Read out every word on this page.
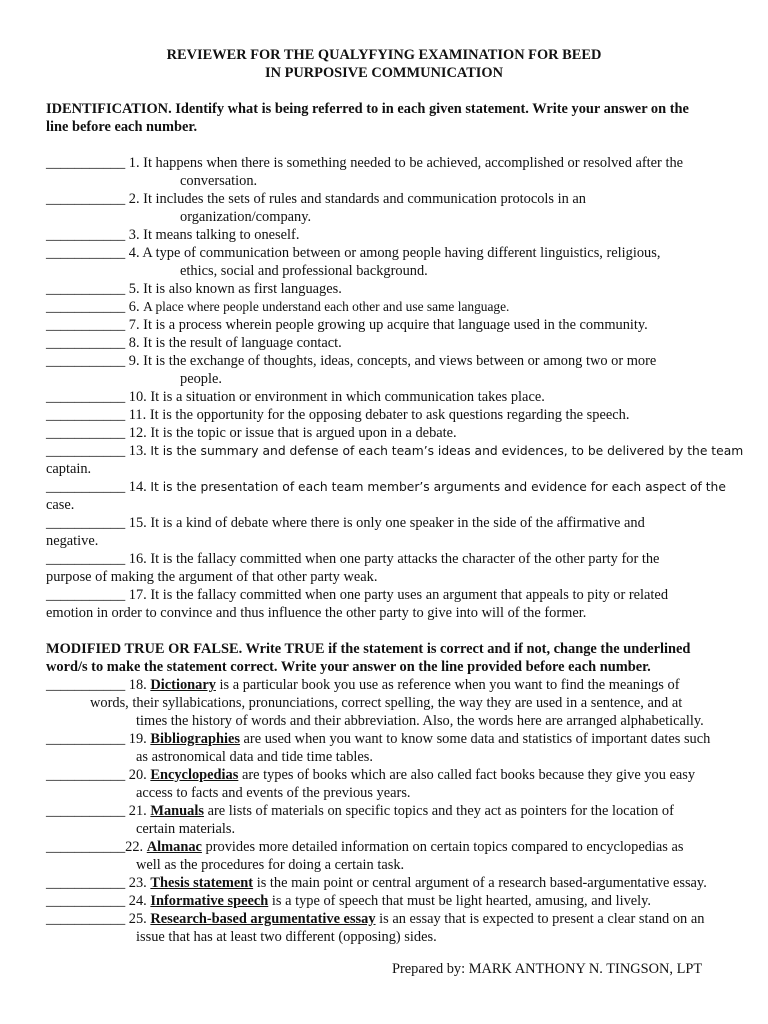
REVIEWER FOR THE QUALYFYING EXAMINATION FOR BEED
IN PURPOSIVE COMMUNICATION
IDENTIFICATION. Identify what is being referred to in each given statement. Write your answer on the
line before each number.
___________ 1. It happens when there is something needed to be achieved, accomplished or resolved after the
conversation.
___________ 2. It includes the sets of rules and standards and communication protocols in an
organization/company.
___________ 3. It means talking to oneself.
___________ 4. A type of communication between or among people having different linguistics, religious,
ethics, social and professional background.
___________ 5. It is also known as first languages.
___________ 6. A place where people understand each other and use same language.
___________ 7. It is a process wherein people growing up acquire that language used in the community.
___________ 8. It is the result of language contact.
___________ 9. It is the exchange of thoughts, ideas, concepts, and views between or among two or more
people.
___________ 10. It is a situation or environment in which communication takes place.
___________ 11. It is the opportunity for the opposing debater to ask questions regarding the speech.
___________ 12. It is the topic or issue that is argued upon in a debate.
___________ 13. It is the summary and defense of each team’s ideas and evidences, to be delivered by the team
captain.
___________ 14. It is the presentation of each team member’s arguments and evidence for each aspect of the
case.
___________ 15. It is a kind of debate where there is only one speaker in the side of the affirmative and
negative.
___________ 16. It is the fallacy committed when one party attacks the character of the other party for the
purpose of making the argument of that other party weak.
___________ 17. It is the fallacy committed when one party uses an argument that appeals to pity or related
emotion in order to convince and thus influence the other party to give into will of the former.
MODIFIED TRUE OR FALSE. Write TRUE if the statement is correct and if not, change the underlined
word/s to make the statement correct. Write your answer on the line provided before each number.
___________ 18. Dictionary is a particular book you use as reference when you want to find the meanings of
words, their syllabications, pronunciations, correct spelling, the way they are used in a sentence, and at
times the history of words and their abbreviation. Also, the words here are arranged alphabetically.
___________ 19. Bibliographies are used when you want to know some data and statistics of important dates such
as astronomical data and tide time tables.
___________ 20. Encyclopedias are types of books which are also called fact books because they give you easy
access to facts and events of the previous years.
___________ 21. Manuals are lists of materials on specific topics and they act as pointers for the location of
certain materials.
___________22. Almanac provides more detailed information on certain topics compared to encyclopedias as
well as the procedures for doing a certain task.
___________ 23. Thesis statement is the main point or central argument of a research based-argumentative essay.
___________ 24. Informative speech is a type of speech that must be light hearted, amusing, and lively.
___________ 25. Research-based argumentative essay is an essay that is expected to present a clear stand on an
issue that has at least two different (opposing) sides.
Prepared by: MARK ANTHONY N. TINGSON, LPT
